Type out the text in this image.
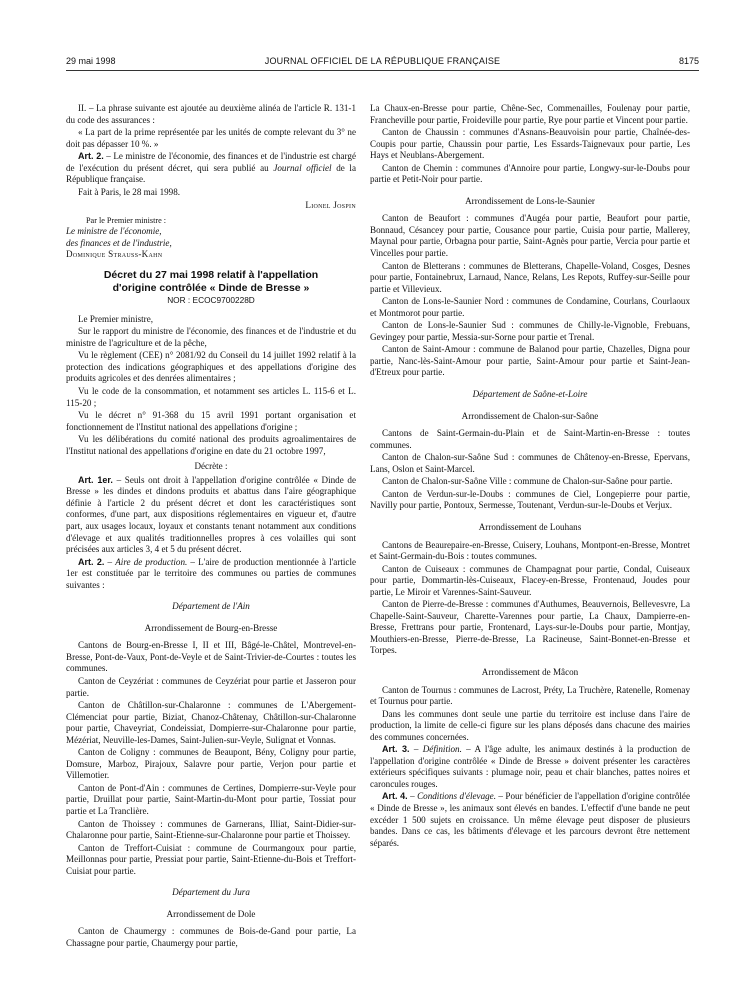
29 mai 1998	JOURNAL OFFICIEL DE LA RÉPUBLIQUE FRANÇAISE	8175

II. – La phrase suivante est ajoutée au deuxième alinéa de l'article R. 131-1 du code des assurances :

« La part de la prime représentée par les unités de compte relevant du 3° ne doit pas dépasser 10 %. »

Art. 2. – Le ministre de l'économie, des finances et de l'industrie est chargé de l'exécution du présent décret, qui sera publié au Journal officiel de la République française.

Fait à Paris, le 28 mai 1998.

Lionel Jospin
Par le Premier ministre :

Le ministre de l'économie,

des finances et de l'industrie,

Dominique Strauss-Kahn

Décret du 27 mai 1998 relatif à l'appellation
d'origine contrôlée « Dinde de Bresse »
NOR : ECOC9700228D

Le Premier ministre,

Sur le rapport du ministre de l'économie, des finances et de l'industrie et du ministre de l'agriculture et de la pêche,

Vu le règlement (CEE) n° 2081/92 du Conseil du 14 juillet 1992 relatif à la protection des indications géographiques et des appellations d'origine des produits agricoles et des denrées alimentaires ;

Vu le code de la consommation, et notamment ses articles L. 115-6 et L. 115-20 ;

Vu le décret n° 91-368 du 15 avril 1991 portant organisation et fonctionnement de l'Institut national des appellations d'origine ;

Vu les délibérations du comité national des produits agroalimentaires de l'Institut national des appellations d'origine en date du 21 octobre 1997,

Décrète :

Art. 1er. – Seuls ont droit à l'appellation d'origine contrôlée « Dinde de Bresse » les dindes et dindons produits et abattus dans l'aire géographique définie à l'article 2 du présent décret et dont les caractéristiques sont conformes, d'une part, aux dispositions réglementaires en vigueur et, d'autre part, aux usages locaux, loyaux et constants tenant notamment aux conditions d'élevage et aux qualités traditionnelles propres à ces volailles qui sont précisées aux articles 3, 4 et 5 du présent décret.

Art. 2. – Aire de production. – L'aire de production mentionnée à l'article 1er est constituée par le territoire des communes ou parties de communes suivantes :

Département de l'Ain
Arrondissement de Bourg-en-Bresse

Cantons de Bourg-en-Bresse I, II et III, Bâgé-le-Châtel, Montrevel-en-Bresse, Pont-de-Vaux, Pont-de-Veyle et de Saint-Trivier-de-Courtes : toutes les communes.

Canton de Ceyzériat : communes de Ceyzériat pour partie et Jasseron pour partie.

Canton de Châtillon-sur-Chalaronne : communes de L'Abergement-Clémenciat pour partie, Biziat, Chanoz-Châtenay, Châtillon-sur-Chalaronne pour partie, Chaveyriat, Condeissiat, Dompierre-sur-Chalaronne pour partie, Mézériat, Neuville-les-Dames, Saint-Julien-sur-Veyle, Sulignat et Vonnas.

Canton de Coligny : communes de Beaupont, Bény, Coligny pour partie, Domsure, Marboz, Pirajoux, Salavre pour partie, Verjon pour partie et Villemotier.

Canton de Pont-d'Ain : communes de Certines, Dompierre-sur-Veyle pour partie, Druillat pour partie, Saint-Martin-du-Mont pour partie, Tossiat pour partie et La Tranclière.

Canton de Thoissey : communes de Garnerans, Illiat, Saint-Didier-sur-Chalaronne pour partie, Saint-Etienne-sur-Chalaronne pour partie et Thoissey.

Canton de Treffort-Cuisiat : commune de Courmangoux pour partie, Meillonnas pour partie, Pressiat pour partie, Saint-Etienne-du-Bois et Treffort-Cuisiat pour partie.

Département du Jura
Arrondissement de Dole

Canton de Chaumergy : communes de Bois-de-Gand pour partie, La Chassagne pour partie, Chaumergy pour partie,

La Chaux-en-Bresse pour partie, Chêne-Sec, Commenailles, Foulenay pour partie, Francheville pour partie, Froideville pour partie, Rye pour partie et Vincent pour partie.

Canton de Chaussin : communes d'Asnans-Beauvoisin pour partie, Chaînée-des-Coupis pour partie, Chaussin pour partie, Les Essards-Taignevaux pour partie, Les Hays et Neublans-Abergement.

Canton de Chemin : communes d'Annoire pour partie, Longwy-sur-le-Doubs pour partie et Petit-Noir pour partie.

Arrondissement de Lons-le-Saunier

Canton de Beaufort : communes d'Augéa pour partie, Beaufort pour partie, Bonnaud, Césancey pour partie, Cousance pour partie, Cuisia pour partie, Mallerey, Maynal pour partie, Orbagna pour partie, Saint-Agnès pour partie, Vercia pour partie et Vincelles pour partie.

Canton de Bletterans : communes de Bletterans, Chapelle-Voland, Cosges, Desnes pour partie, Fontainebrux, Larnaud, Nance, Relans, Les Repots, Ruffey-sur-Seille pour partie et Villevieux.

Canton de Lons-le-Saunier Nord : communes de Condamine, Courlans, Courlaoux et Montmorot pour partie.

Canton de Lons-le-Saunier Sud : communes de Chilly-le-Vignoble, Frebuans, Gevingey pour partie, Messia-sur-Sorne pour partie et Trenal.

Canton de Saint-Amour : commune de Balanod pour partie, Chazelles, Digna pour partie, Nanc-lès-Saint-Amour pour partie, Saint-Amour pour partie et Saint-Jean-d'Etreux pour partie.

Département de Saône-et-Loire
Arrondissement de Chalon-sur-Saône

Cantons de Saint-Germain-du-Plain et de Saint-Martin-en-Bresse : toutes communes.

Canton de Chalon-sur-Saône Sud : communes de Châtenoy-en-Bresse, Epervans, Lans, Oslon et Saint-Marcel.

Canton de Chalon-sur-Saône Ville : commune de Chalon-sur-Saône pour partie.

Canton de Verdun-sur-le-Doubs : communes de Ciel, Longepierre pour partie, Navilly pour partie, Pontoux, Sermesse, Toutenant, Verdun-sur-le-Doubs et Verjux.

Arrondissement de Louhans

Cantons de Beaurepaire-en-Bresse, Cuisery, Louhans, Montpont-en-Bresse, Montret et Saint-Germain-du-Bois : toutes communes.

Canton de Cuiseaux : communes de Champagnat pour partie, Condal, Cuiseaux pour partie, Dommartin-lès-Cuiseaux, Flacey-en-Bresse, Frontenaud, Joudes pour partie, Le Miroir et Varennes-Saint-Sauveur.

Canton de Pierre-de-Bresse : communes d'Authumes, Beauvernois, Bellevesvre, La Chapelle-Saint-Sauveur, Charette-Varennes pour partie, La Chaux, Dampierre-en-Bresse, Frettrans pour partie, Frontenard, Lays-sur-le-Doubs pour partie, Montjay, Mouthiers-en-Bresse, Pierre-de-Bresse, La Racineuse, Saint-Bonnet-en-Bresse et Torpes.

Arrondissement de Mâcon

Canton de Tournus : communes de Lacrost, Préty, La Truchère, Ratenelle, Romenay et Tournus pour partie.

Dans les communes dont seule une partie du territoire est incluse dans l'aire de production, la limite de celle-ci figure sur les plans déposés dans chacune des mairies des communes concernées.

Art. 3. – Définition. – A l'âge adulte, les animaux destinés à la production de l'appellation d'origine contrôlée « Dinde de Bresse » doivent présenter les caractères extérieurs spécifiques suivants : plumage noir, peau et chair blanches, pattes noires et caroncules rouges.

Art. 4. – Conditions d'élevage. – Pour bénéficier de l'appellation d'origine contrôlée « Dinde de Bresse », les animaux sont élevés en bandes. L'effectif d'une bande ne peut excéder 1 500 sujets en croissance. Un même élevage peut disposer de plusieurs bandes. Dans ce cas, les bâtiments d'élevage et les parcours devront être nettement séparés.
